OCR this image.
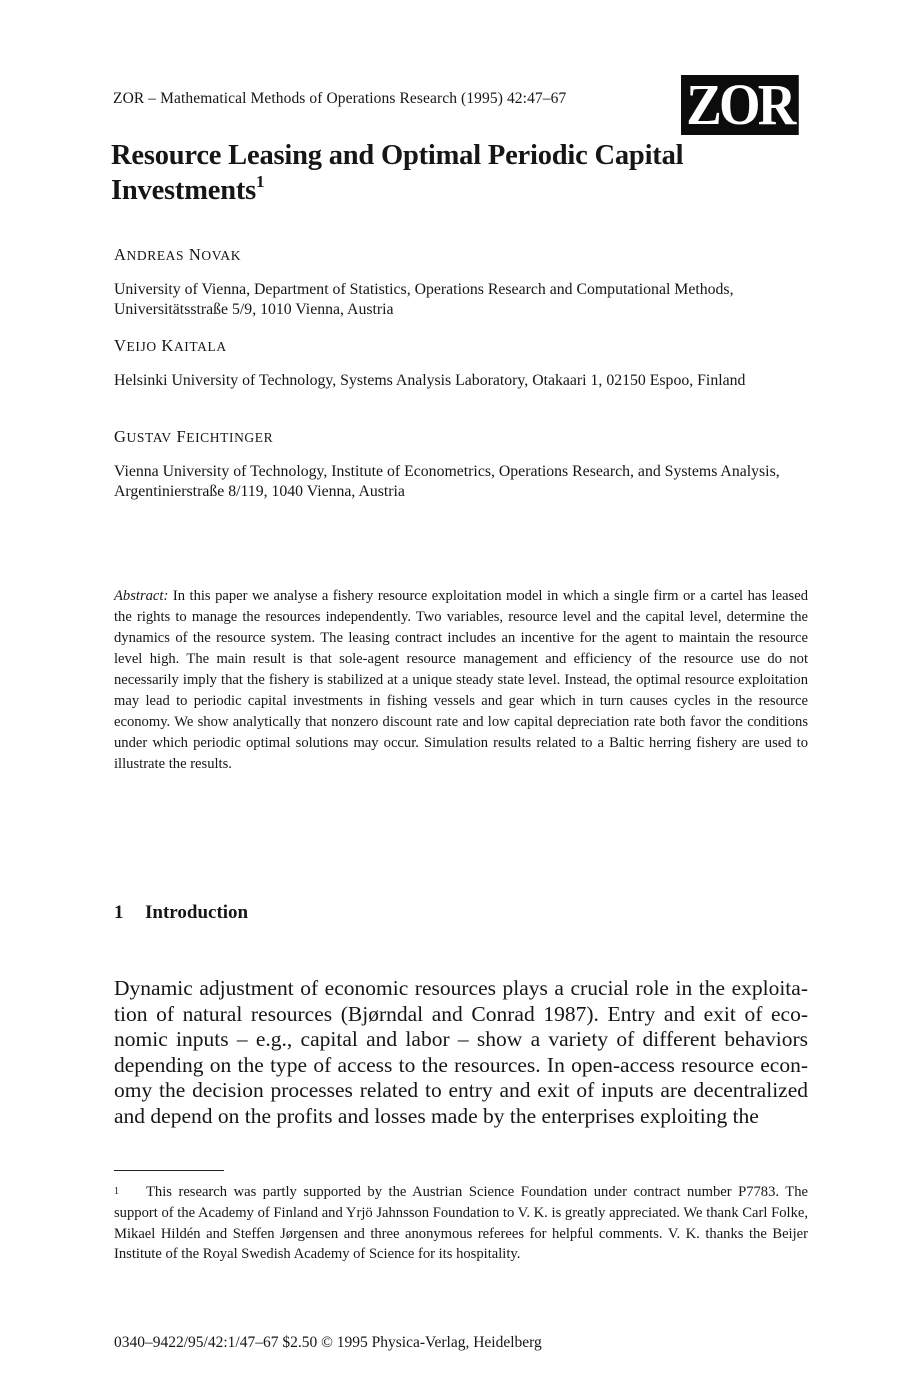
ZOR – Mathematical Methods of Operations Research (1995) 42:47–67 ZOR
Resource Leasing and Optimal Periodic Capital Investments$^1$
ANDREAS NOVAK
University of Vienna, Department of Statistics, Operations Research and Computational Methods, Universitätsstraße 5/9, 1010 Vienna, Austria
VEIJO KAITALA
Helsinki University of Technology, Systems Analysis Laboratory, Otakaari 1, 02150 Espoo, Finland
GUSTAV FEICHTINGER
Vienna University of Technology, Institute of Econometrics, Operations Research, and Systems Analysis, Argentinierstraße 8/119, 1040 Vienna, Austria
Abstract: In this paper we analyse a fishery resource exploitation model in which a single firm or a cartel has leased the rights to manage the resources independently. Two variables, resource level and the capital level, determine the dynamics of the resource system. The leasing contract includes an incentive for the agent to maintain the resource level high. The main result is that sole-agent resource management and efficiency of the resource use do not necessarily imply that the fishery is stabilized at a unique steady state level. Instead, the optimal resource exploitation may lead to periodic capital investments in fishing vessels and gear which in turn causes cycles in the resource economy. We show analytically that nonzero discount rate and low capital depreciation rate both favor the conditions under which periodic optimal solutions may occur. Simulation results related to a Baltic herring fishery are used to illustrate the results.
1 Introduction
Dynamic adjustment of economic resources plays a crucial role in the exploitation of natural resources (Bjørndal and Conrad 1987). Entry and exit of economic inputs – e.g., capital and labor – show a variety of different behaviors depending on the type of access to the resources. In open-access resource economy the decision processes related to entry and exit of inputs are decentralized and depend on the profits and losses made by the enterprises exploiting the
1 This research was partly supported by the Austrian Science Foundation under contract number P7783. The support of the Academy of Finland and Yrjö Jahnsson Foundation to V. K. is greatly appreciated. We thank Carl Folke, Mikael Hildén and Steffen Jørgensen and three anonymous referees for helpful comments. V. K. thanks the Beijer Institute of the Royal Swedish Academy of Science for its hospitality.
0340–9422/95/42:1/47–67 $2.50 © 1995 Physica-Verlag, Heidelberg
